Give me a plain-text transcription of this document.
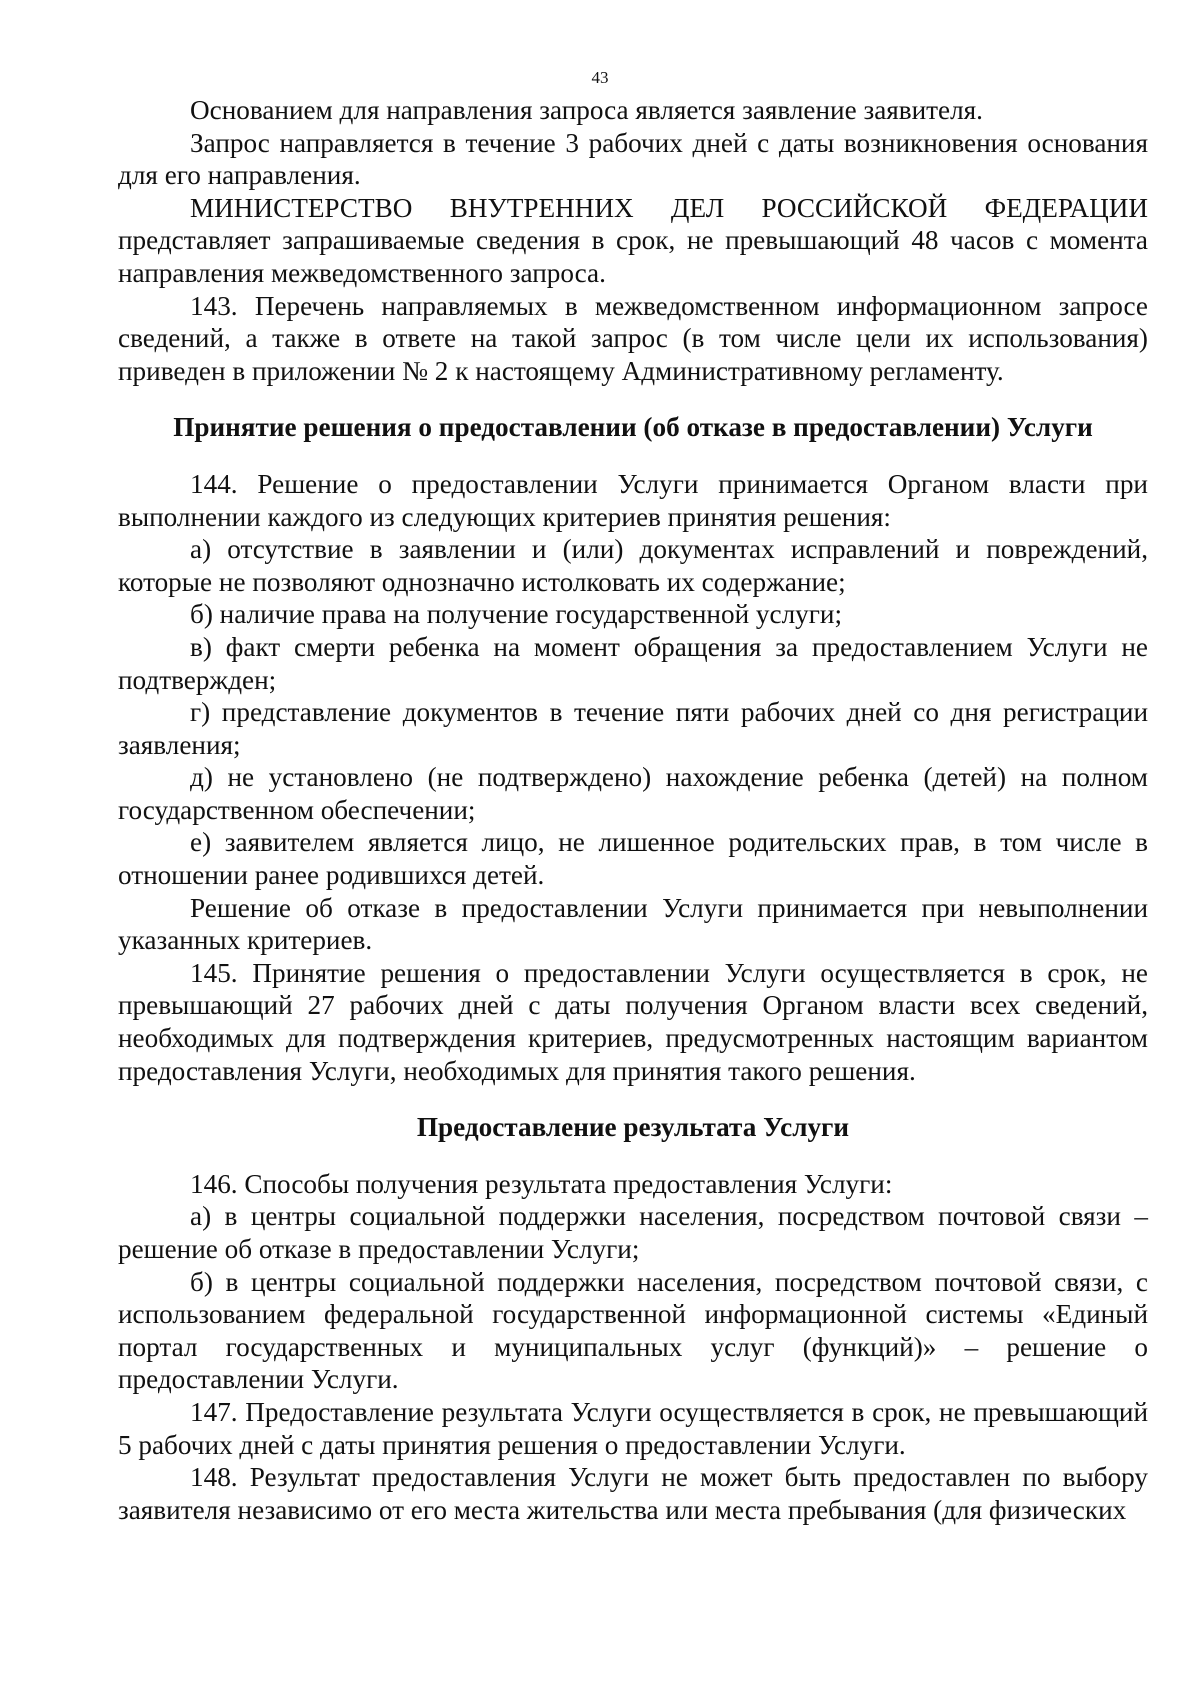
43

Основанием для направления запроса является заявление заявителя.

Запрос направляется в течение 3 рабочих дней с даты возникновения основания для его направления.

МИНИСТЕРСТВО ВНУТРЕННИХ ДЕЛ РОССИЙСКОЙ ФЕДЕРАЦИИ представляет запрашиваемые сведения в срок, не превышающий 48 часов с момента направления межведомственного запроса.

143. Перечень направляемых в межведомственном информационном запросе сведений, а также в ответе на такой запрос (в том числе цели их использования) приведен в приложении № 2 к настоящему Административному регламенту.

Принятие решения о предоставлении (об отказе в предоставлении) Услуги

144. Решение о предоставлении Услуги принимается Органом власти при выполнении каждого из следующих критериев принятия решения:

а) отсутствие в заявлении и (или) документах исправлений и повреждений, которые не позволяют однозначно истолковать их содержание;

б) наличие права на получение государственной услуги;

в) факт смерти ребенка на момент обращения за предоставлением Услуги не подтвержден;

г) представление документов в течение пяти рабочих дней со дня регистрации заявления;

д) не установлено (не подтверждено) нахождение ребенка (детей) на полном государственном обеспечении;

е) заявителем является лицо, не лишенное родительских прав, в том числе в отношении ранее родившихся детей.

Решение об отказе в предоставлении Услуги принимается при невыполнении указанных критериев.

145. Принятие решения о предоставлении Услуги осуществляется в срок, не превышающий 27 рабочих дней с даты получения Органом власти всех сведений, необходимых для подтверждения критериев, предусмотренных настоящим вариантом предоставления Услуги, необходимых для принятия такого решения.

Предоставление результата Услуги

146. Способы получения результата предоставления Услуги:

а) в центры социальной поддержки населения, посредством почтовой связи – решение об отказе в предоставлении Услуги;

б) в центры социальной поддержки населения, посредством почтовой связи, с использованием федеральной государственной информационной системы «Единый портал государственных и муниципальных услуг (функций)» – решение о предоставлении Услуги.

147. Предоставление результата Услуги осуществляется в срок, не превышающий 5 рабочих дней с даты принятия решения о предоставлении Услуги.

148. Результат предоставления Услуги не может быть предоставлен по выбору заявителя независимо от его места жительства или места пребывания (для физических
